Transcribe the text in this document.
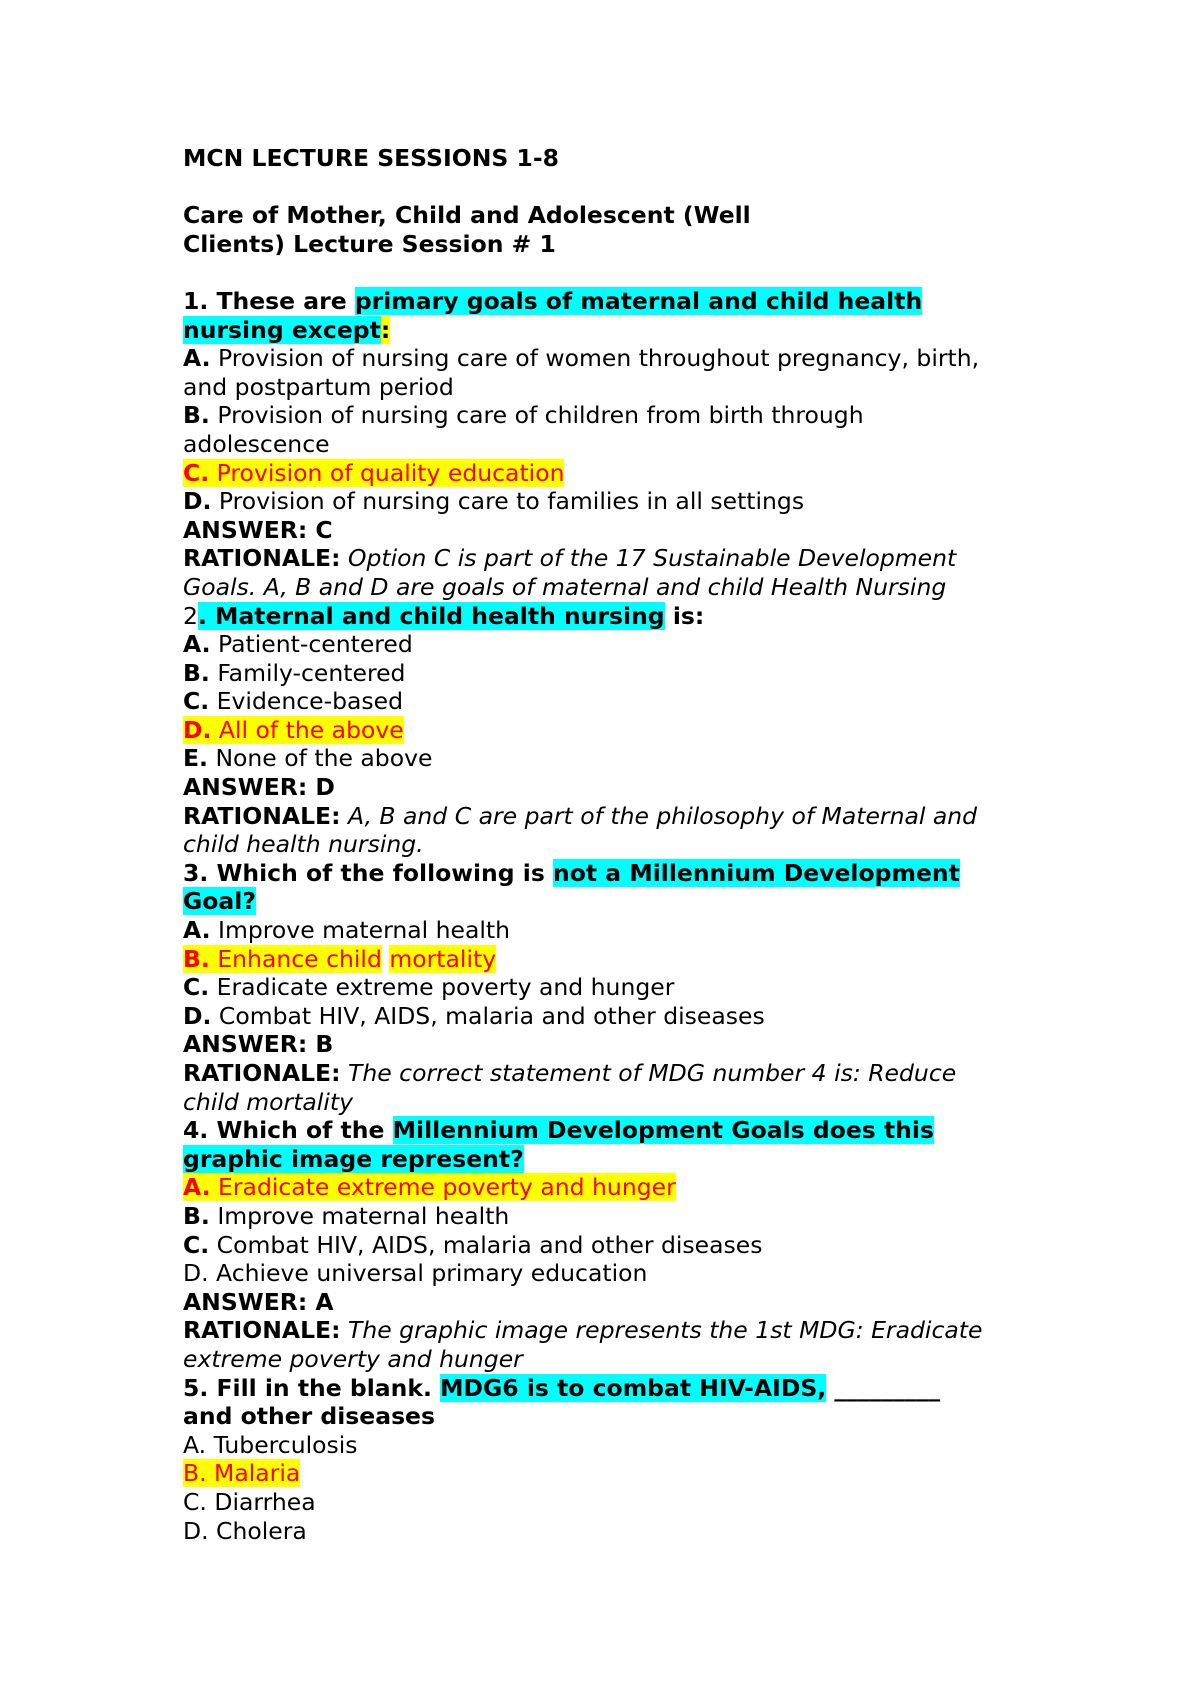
MCN LECTURE SESSIONS 1-8
Care of Mother, Child and Adolescent (Well
Clients) Lecture Session # 1
1. These are primary goals of maternal and child health
nursing except:
A. Provision of nursing care of women throughout pregnancy, birth,
and postpartum period
B. Provision of nursing care of children from birth through
adolescence
C. Provision of quality education
D. Provision of nursing care to families in all settings
ANSWER: C
RATIONALE: Option C is part of the 17 Sustainable Development
Goals. A, B and D are goals of maternal and child Health Nursing
2. Maternal and child health nursing is:
A. Patient-centered
B. Family-centered
C. Evidence-based
D. All of the above
E. None of the above
ANSWER: D
RATIONALE: A, B and C are part of the philosophy of Maternal and
child health nursing.
3. Which of the following is not a Millennium Development
Goal?
A. Improve maternal health
B. Enhance child mortality
C. Eradicate extreme poverty and hunger
D. Combat HIV, AIDS, malaria and other diseases
ANSWER: B
RATIONALE: The correct statement of MDG number 4 is: Reduce
child mortality
4. Which of the Millennium Development Goals does this
graphic image represent?
A. Eradicate extreme poverty and hunger
B. Improve maternal health
C. Combat HIV, AIDS, malaria and other diseases
D. Achieve universal primary education
ANSWER: A
RATIONALE: The graphic image represents the 1st MDG: Eradicate
extreme poverty and hunger
5. Fill in the blank. MDG6 is to combat HIV-AIDS, _________
and other diseases
A. Tuberculosis
B. Malaria
C. Diarrhea
D. Cholera
